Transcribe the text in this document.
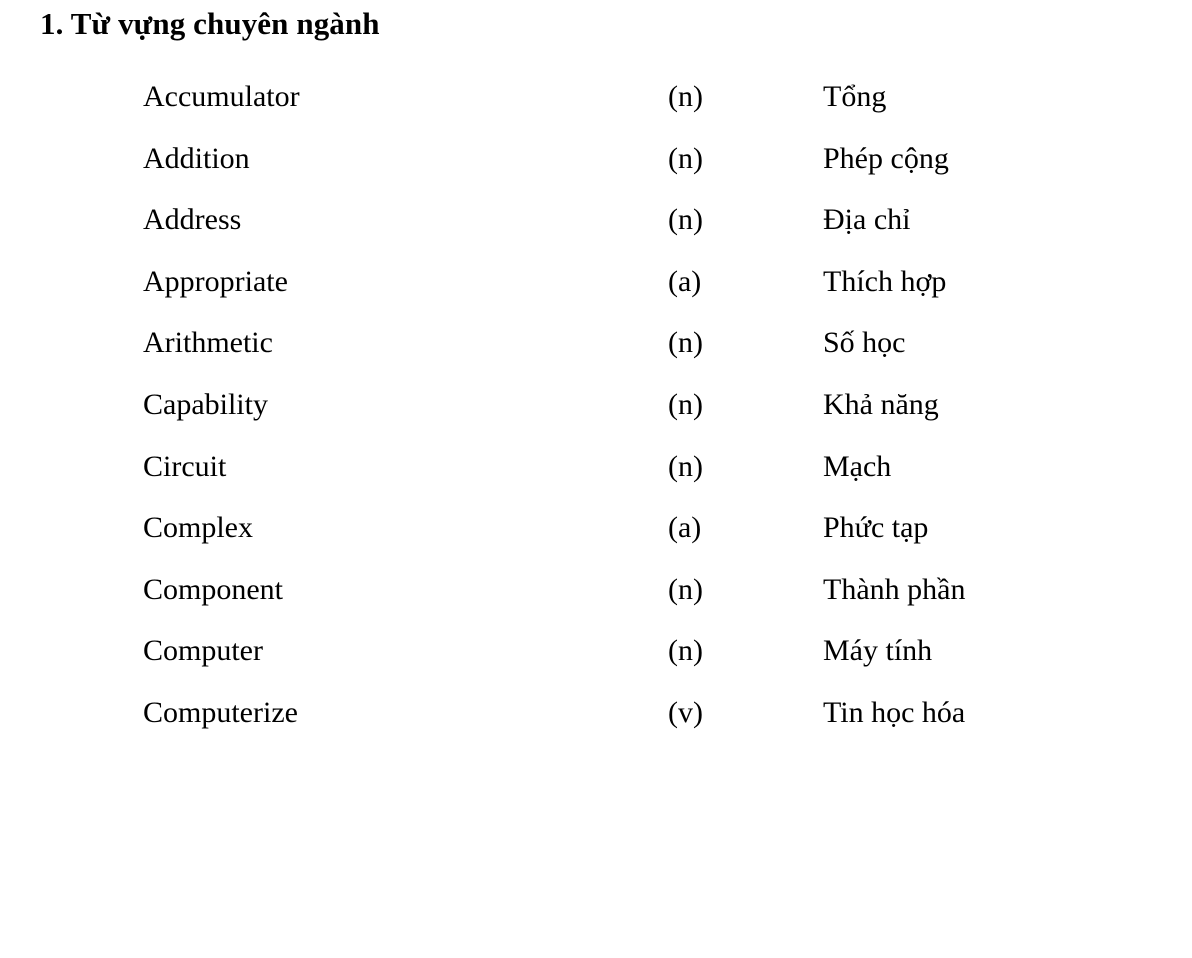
1. Từ vựng chuyên ngành
Accumulator	(n)	Tổng
Addition	(n)	Phép cộng
Address	(n)	Địa chỉ
Appropriate	(a)	Thích hợp
Arithmetic	(n)	Số học
Capability	(n)	Khả năng
Circuit	(n)	Mạch
Complex	(a)	Phức tạp
Component	(n)	Thành phần
Computer	(n)	Máy tính
Computerize	(v)	Tin học hóa
